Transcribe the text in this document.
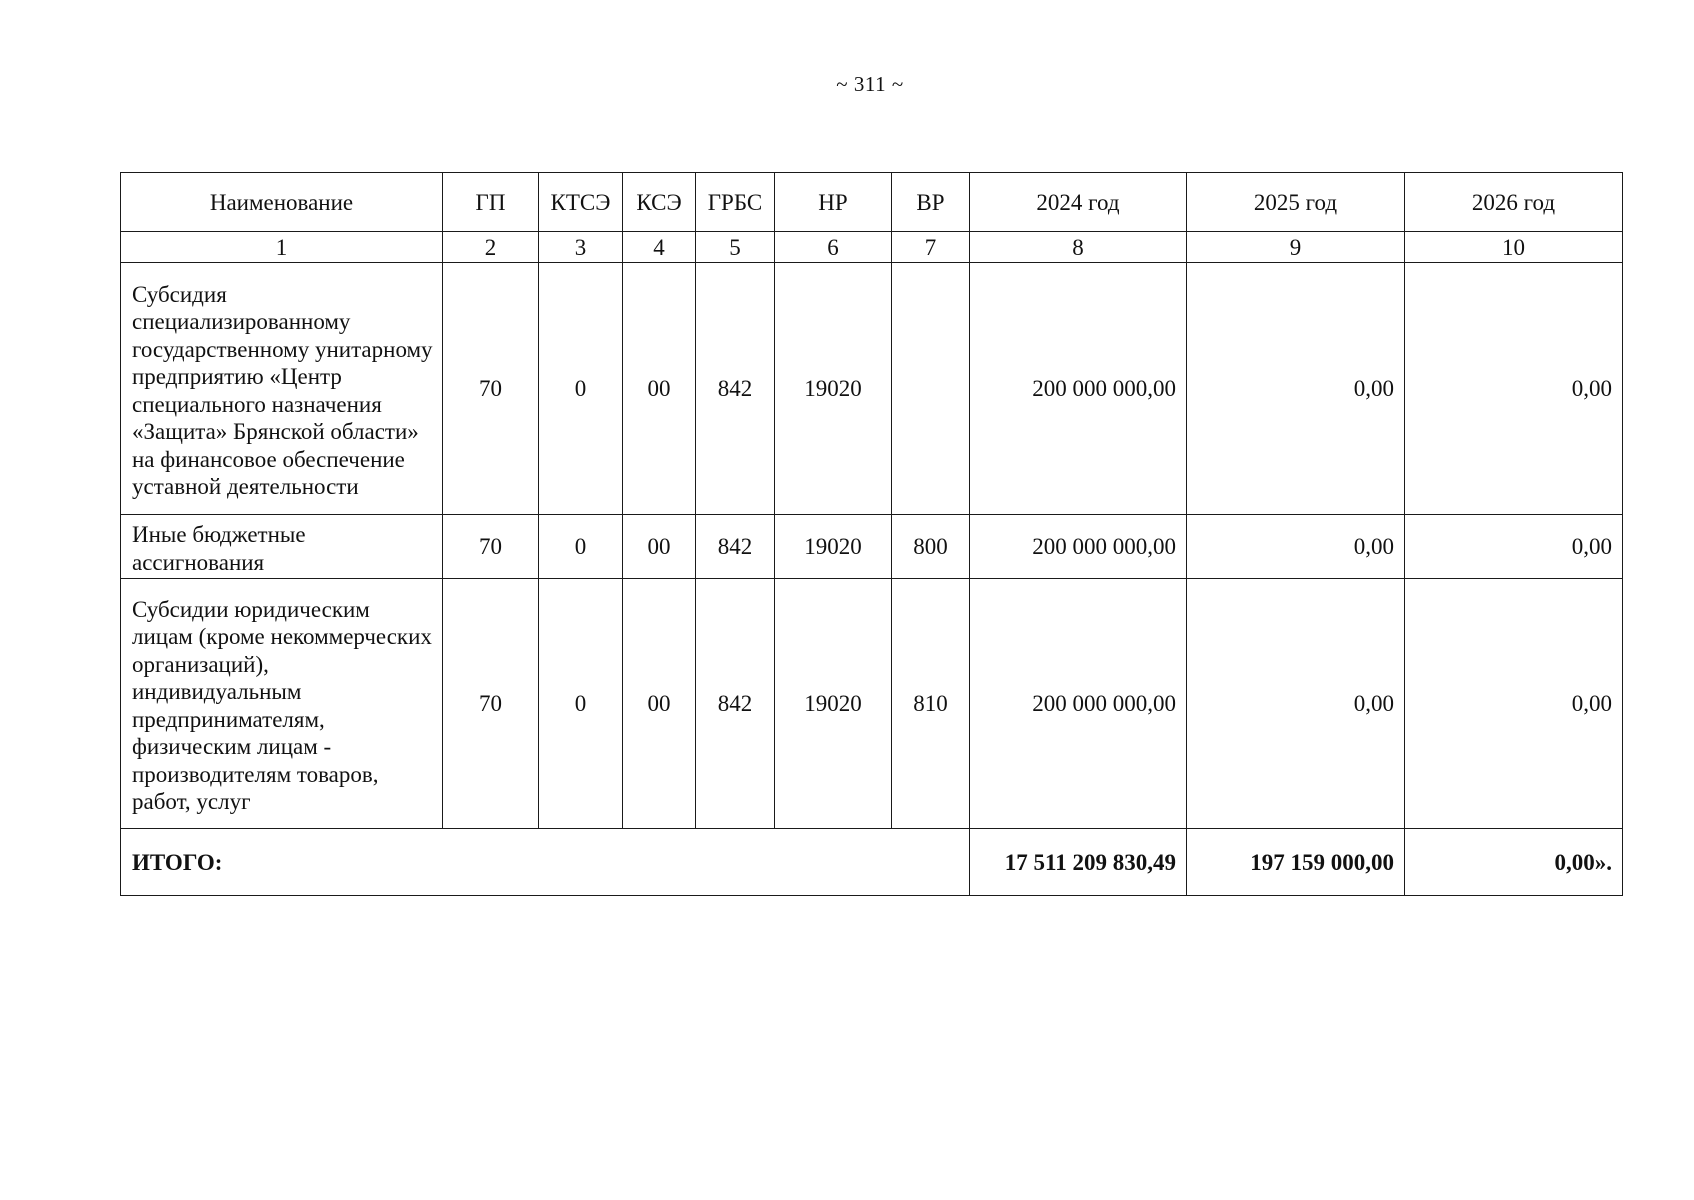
~ 311 ~
Наименование	ГП	КТСЭ	КСЭ	ГРБС	НР	ВР	2024 год	2025 год	2026 год
1	2	3	4	5	6	7	8	9	10
Субсидия специализированному государственному унитарному предприятию «Центр специального назначения «Защита» Брянской области» на финансовое обеспечение уставной деятельности	70	0	00	842	19020		200 000 000,00	0,00	0,00
Иные бюджетные ассигнования	70	0	00	842	19020	800	200 000 000,00	0,00	0,00
Субсидии юридическим лицам (кроме некоммерческих организаций), индивидуальным предпринимателям, физическим лицам - производителям товаров, работ, услуг	70	0	00	842	19020	810	200 000 000,00	0,00	0,00
ИТОГО:							17 511 209 830,49	197 159 000,00	0,00».
